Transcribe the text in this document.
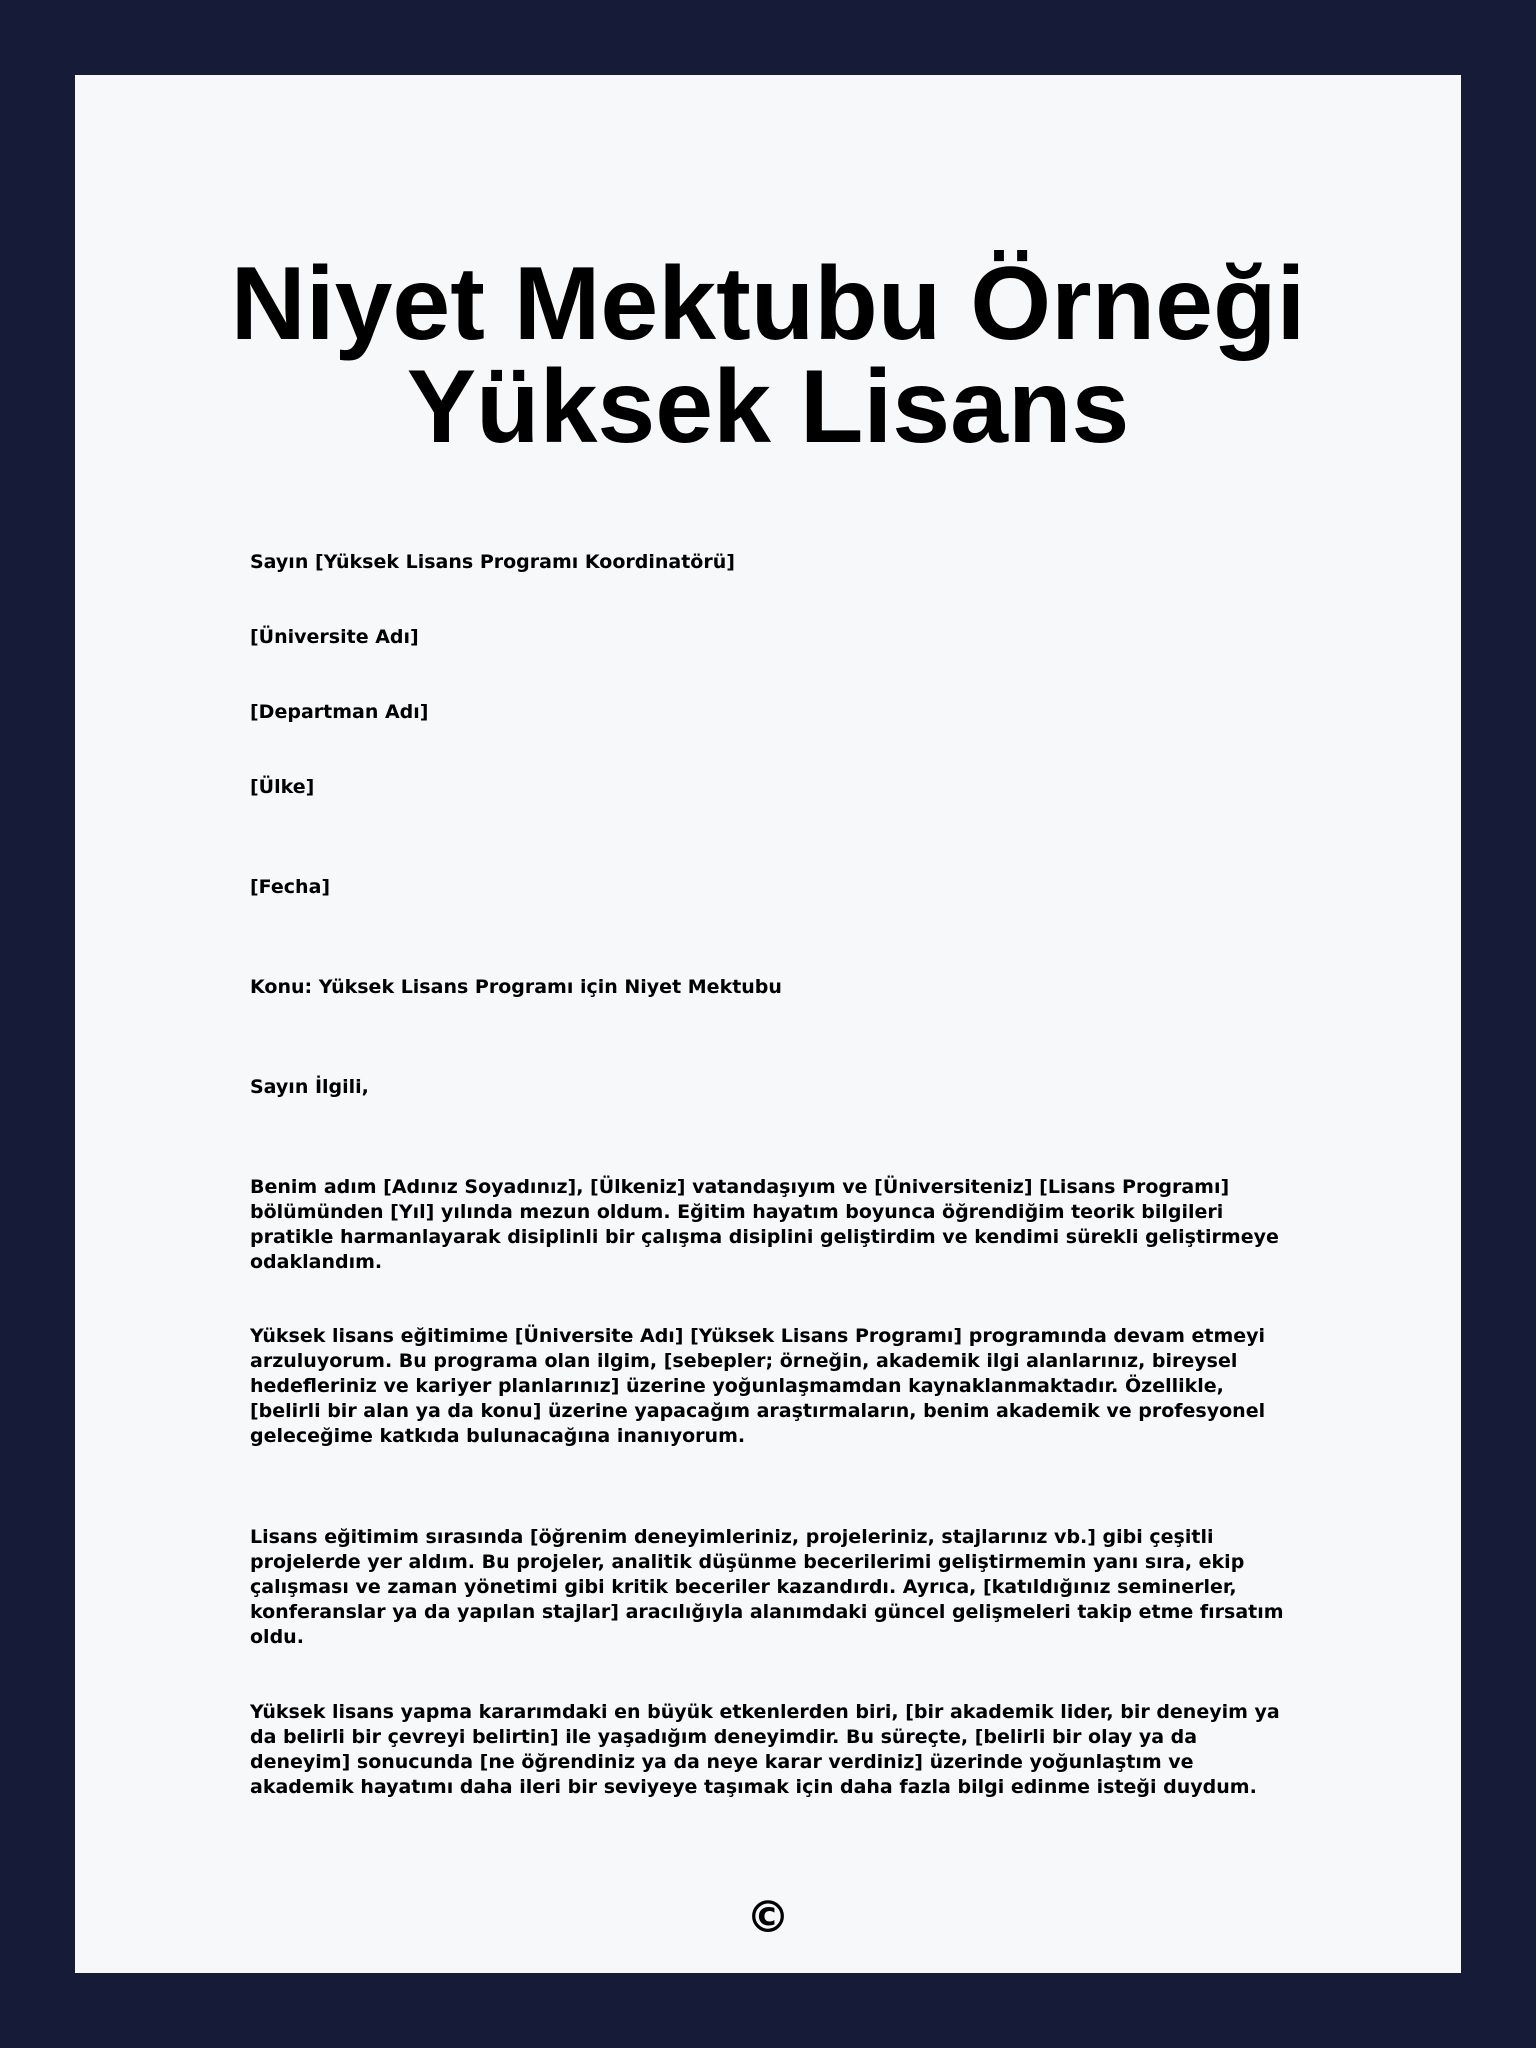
Niyet Mektubu Örneği
Yüksek Lisans

Sayın [Yüksek Lisans Programı Koordinatörü]

[Üniversite Adı]

[Departman Adı]

[Ülke]

[Fecha]

Konu: Yüksek Lisans Programı için Niyet Mektubu

Sayın İlgili,

Benim adım [Adınız Soyadınız], [Ülkeniz] vatandaşıyım ve [Üniversiteniz] [Lisans Programı] bölümünden [Yıl] yılında mezun oldum. Eğitim hayatım boyunca öğrendiğim teorik bilgileri pratikle harmanlayarak disiplinli bir çalışma disiplini geliştirdim ve kendimi sürekli geliştirmeye odaklandım.

Yüksek lisans eğitimime [Üniversite Adı] [Yüksek Lisans Programı] programında devam etmeyi arzuluyorum. Bu programa olan ilgim, [sebepler; örneğin, akademik ilgi alanlarınız, bireysel hedefleriniz ve kariyer planlarınız] üzerine yoğunlaşmamdan kaynaklanmaktadır. Özellikle, [belirli bir alan ya da konu] üzerine yapacağım araştırmaların, benim akademik ve profesyonel geleceğime katkıda bulunacağına inanıyorum.

Lisans eğitimim sırasında [öğrenim deneyimleriniz, projeleriniz, stajlarınız vb.] gibi çeşitli projelerde yer aldım. Bu projeler, analitik düşünme becerilerimi geliştirmemin yanı sıra, ekip çalışması ve zaman yönetimi gibi kritik beceriler kazandırdı. Ayrıca, [katıldığınız seminerler, konferanslar ya da yapılan stajlar] aracılığıyla alanımdaki güncel gelişmeleri takip etme fırsatım oldu.

Yüksek lisans yapma kararımdaki en büyük etkenlerden biri, [bir akademik lider, bir deneyim ya da belirli bir çevreyi belirtin] ile yaşadığım deneyimdir. Bu süreçte, [belirli bir olay ya da deneyim] sonucunda [ne öğrendiniz ya da neye karar verdiniz] üzerinde yoğunlaştım ve akademik hayatımı daha ileri bir seviyeye taşımak için daha fazla bilgi edinme isteği duydum.

©
